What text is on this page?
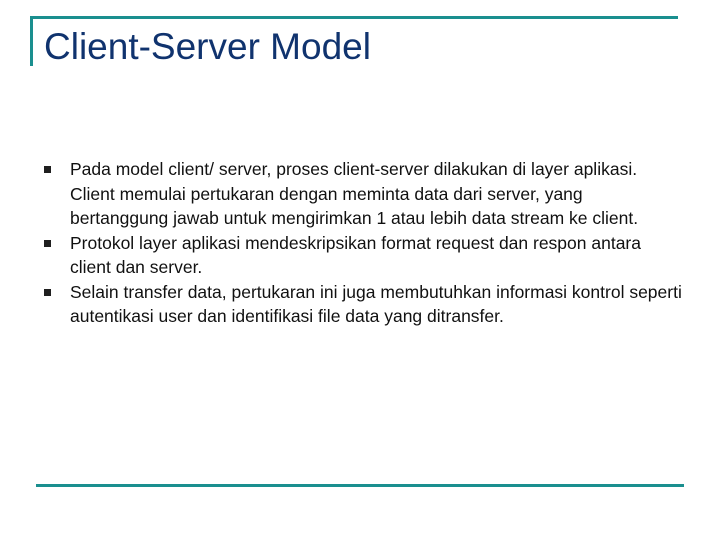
Client-Server Model
Pada model client/ server, proses client-server dilakukan di layer aplikasi. Client memulai pertukaran dengan meminta data dari server, yang bertanggung jawab untuk mengirimkan 1 atau lebih data stream ke client.
Protokol layer aplikasi mendeskripsikan format request dan respon antara client dan server.
Selain transfer data, pertukaran ini juga membutuhkan informasi kontrol seperti autentikasi user dan identifikasi file data yang ditransfer.
